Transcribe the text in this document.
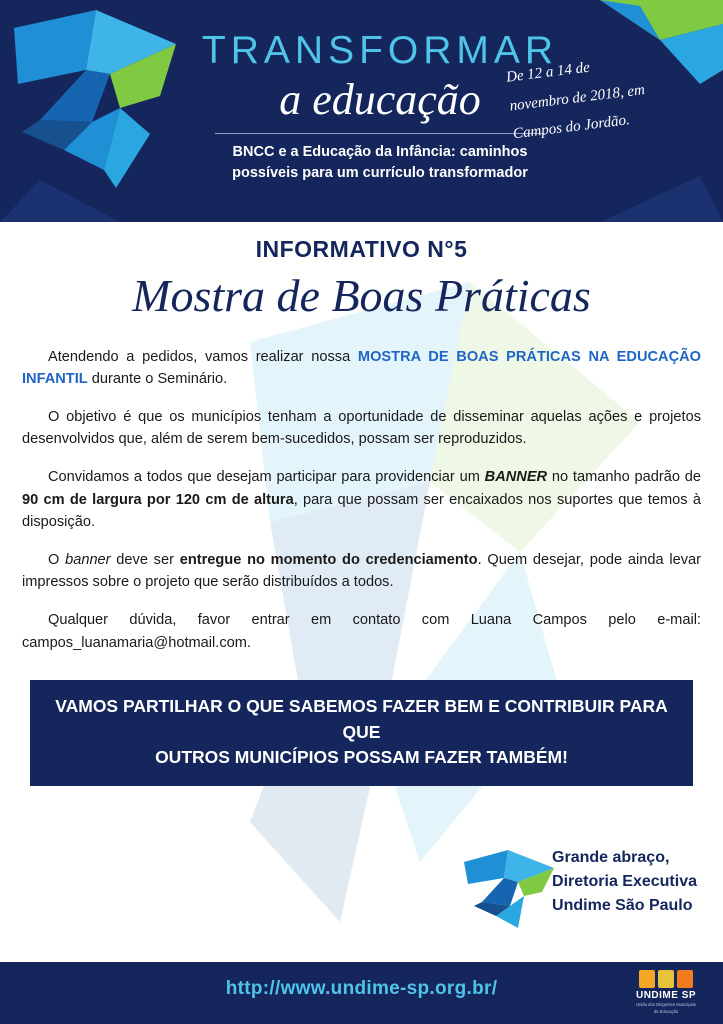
TRANSFORMAR
a educação
BNCC e a Educação da Infância: caminhos
possíveis para um currículo transformador
De 12 a 14 de
novembro de 2018, em
Campos do Jordão.
INFORMATIVO N°5
Mostra de Boas Práticas

Atendendo a pedidos, vamos realizar nossa MOSTRA DE BOAS PRÁTICAS NA EDUCAÇÃO INFANTIL durante o Seminário.

O objetivo é que os municípios tenham a oportunidade de disseminar aquelas ações e projetos desenvolvidos que, além de serem bem-sucedidos, possam ser reproduzidos.

Convidamos a todos que desejam participar para providenciar um BANNER no tamanho padrão de 90 cm de largura por 120 cm de altura, para que possam ser encaixados nos suportes que temos à disposição.

O banner deve ser entregue no momento do credenciamento. Quem desejar, pode ainda levar impressos sobre o projeto que serão distribuídos a todos.

Qualquer dúvida, favor entrar em contato com Luana Campos pelo e-mail: campos_luanamaria@hotmail.com.

VAMOS PARTILHAR O QUE SABEMOS FAZER BEM E CONTRIBUIR PARA QUE
OUTROS MUNICÍPIOS POSSAM FAZER TAMBÉM!
Grande abraço,
Diretoria Executiva
Undime São Paulo
http://www.undime-sp.org.br/	UNDIME SP
União dos Dirigentes Municipais
de Educação
